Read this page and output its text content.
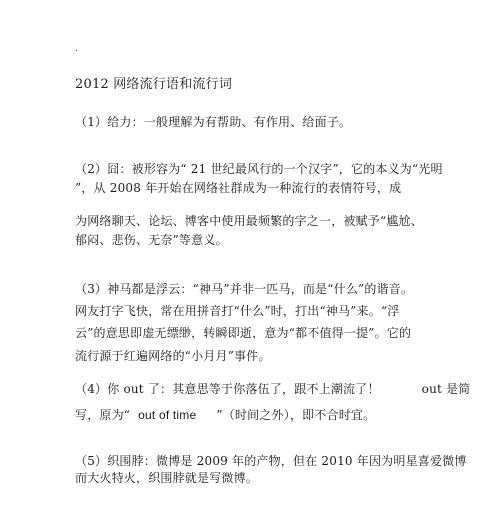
.
2012 网络流行语和流行词
（1）给力：一般理解为有帮助、有作用、给面子。
（2）囧：被形容为“ 21 世纪最风行的一个汉字”，它的本义为“光明
”，从 2008 年开始在网络社群成为一种流行的表情符号，成
为网络聊天、论坛、博客中使用最频繁的字之一，被赋予“尴尬、
郁闷、悲伤、无奈”等意义。
（3）神马都是浮云：“神马”并非一匹马，而是“什么”的谐音。
网友打字飞快，常在用拼音打“什么”时，打出“神马”来。“浮
云”的意思即虚无缥缈，转瞬即逝，意为“都不值得一提”。它的
流行源于红遍网络的“小月月”事件。
（4）你 out 了：其意思等于你落伍了，跟不上潮流了！	out 是简
写，原为“ out of time ”（时间之外），即不合时宜。
（5）织围脖：微博是 2009 年的产物，但在 2010 年因为明星喜爱微博
而大火特火，织围脖就是写微博。
